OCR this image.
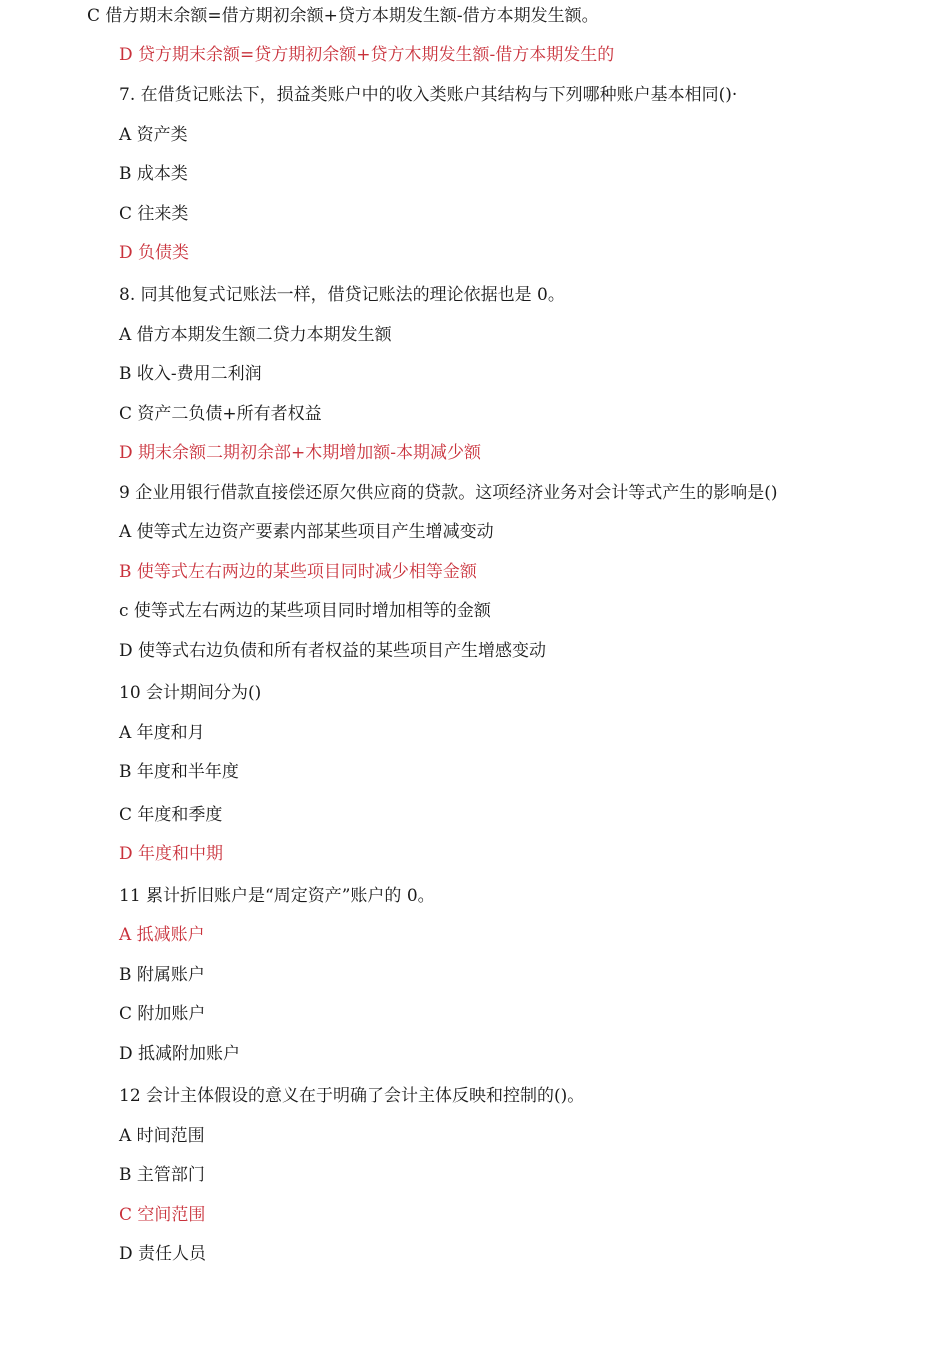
C 借方期末余额=借方期初余额+贷方本期发生额-借方本期发生额。
D 贷方期末余额=贷方期初余额+贷方木期发生额-借方本期发生的
7. 在借货记账法下，损益类账户中的收入类账户其结构与下列哪种账户基本相同()·
A 资产类
B 成本类
C 往来类
D 负债类
8. 同其他复式记账法一样，借贷记账法的理论依据也是 0。
A 借方本期发生额二贷力本期发生额
B 收入-费用二利润
C 资产二负债+所有者权益
D 期末余额二期初余部+木期增加额-本期减少额
9 企业用银行借款直接偿还原欠供应商的贷款。这项经济业务对会计等式产生的影响是()
A 使等式左边资产要素内部某些项目产生增减变动
B 使等式左右两边的某些项目同时减少相等金额
c 使等式左右两边的某些项目同时增加相等的金额
D 使等式右边负债和所有者权益的某些项目产生增感变动
10 会计期间分为()
A 年度和月
B 年度和半年度
C 年度和季度
D 年度和中期
11 累计折旧账户是“周定资产”账户的 0。
A 抵减账户
B 附属账户
C 附加账户
D 抵减附加账户
12 会计主体假设的意义在于明确了会计主体反映和控制的()。
A 时间范围
B 主管部门
C 空间范围
D 责任人员
